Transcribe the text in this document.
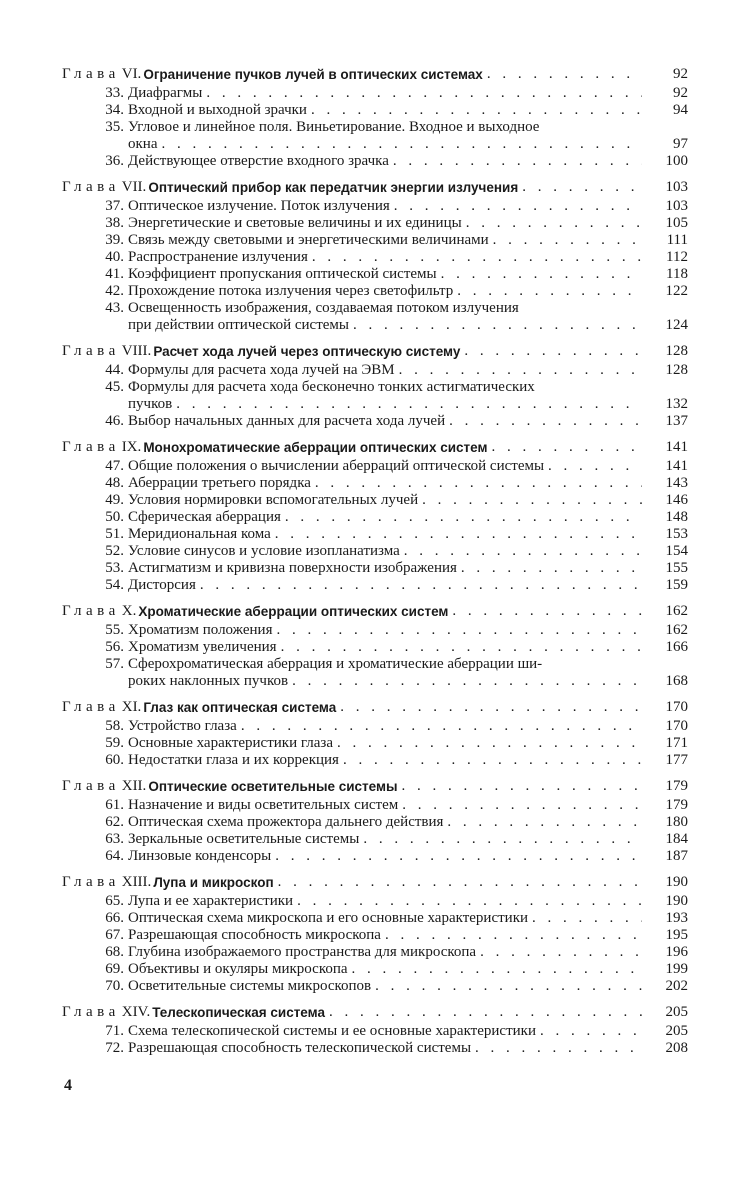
Глава VI. Ограничение пучков лучей в оптических системах . . .	92
33. Диафрагмы . . .	92
34. Входной и выходной зрачки . . .	94
35. Угловое и линейное поля. Виньетирование. Входное и выходное
окна . . .	97
36. Действующее отверстие входного зрачка . . .	100
Глава VII. Оптический прибор как передатчик энергии излучения . . .	103
37. Оптическое излучение. Поток излучения . . .	103
38. Энергетические и световые величины и их единицы . . .	105
39. Связь между световыми и энергетическими величинами . . .	111
40. Распространение излучения . . .	112
41. Коэффициент пропускания оптической системы . . .	118
42. Прохождение потока излучения через светофильтр . . .	122
43. Освещенность изображения, создаваемая потоком излучения
при действии оптической системы . . .	124
Глава VIII. Расчет хода лучей через оптическую систему . . .	128
44. Формулы для расчета хода лучей на ЭВМ . . .	128
45. Формулы для расчета хода бесконечно тонких астигматических
пучков . . .	132
46. Выбор начальных данных для расчета хода лучей . . .	137
Глава IX. Монохроматические аберрации оптических систем . . .	141
47. Общие положения о вычислении аберраций оптической системы . . .	141
48. Аберрации третьего порядка . . .	143
49. Условия нормировки вспомогательных лучей . . .	146
50. Сферическая аберрация . . .	148
51. Меридиональная кома . . .	153
52. Условие синусов и условие изопланатизма . . .	154
53. Астигматизм и кривизна поверхности изображения . . .	155
54. Дисторсия . . .	159
Глава X. Хроматические аберрации оптических систем . . .	162
55. Хроматизм положения . . .	162
56. Хроматизм увеличения . . .	166
57. Сферохроматическая аберрация и хроматические аберрации ши-
роких наклонных пучков . . .	168
Глава XI. Глаз как оптическая система . . .	170
58. Устройство глаза . . .	170
59. Основные характеристики глаза . . .	171
60. Недостатки глаза и их коррекция . . .	177
Глава XII. Оптические осветительные системы . . .	179
61. Назначение и виды осветительных систем . . .	179
62. Оптическая схема прожектора дальнего действия . . .	180
63. Зеркальные осветительные системы . . .	184
64. Линзовые конденсоры . . .	187
Глава XIII. Лупа и микроскоп . . .	190
65. Лупа и ее характеристики . . .	190
66. Оптическая схема микроскопа и его основные характеристики . . .	193
67. Разрешающая способность микроскопа . . .	195
68. Глубина изображаемого пространства для микроскопа . . .	196
69. Объективы и окуляры микроскопа . . .	199
70. Осветительные системы микроскопов . . .	202
Глава XIV. Телескопическая система . . .	205
71. Схема телескопической системы и ее основные характеристики . . .	205
72. Разрешающая способность телескопической системы . . .	208
4
